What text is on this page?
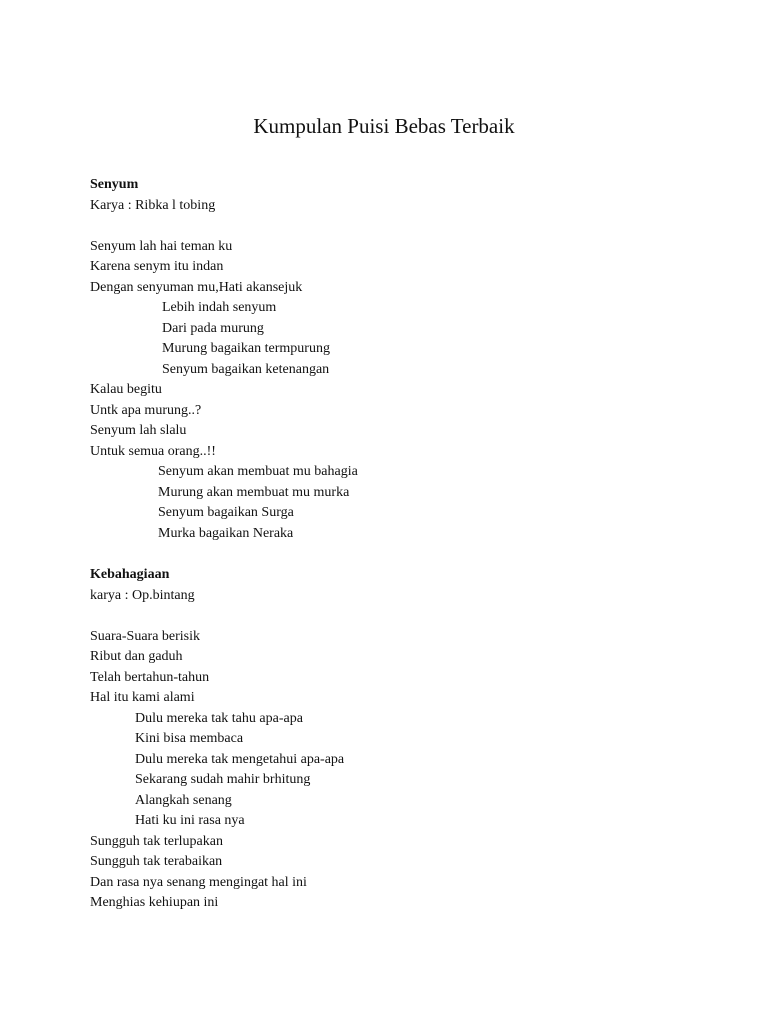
Kumpulan Puisi Bebas Terbaik
Senyum
Karya : Ribka l tobing
Senyum lah hai teman ku
Karena senym itu indan
Dengan senyuman mu,Hati akansejuk
Lebih indah senyum
Dari pada murung
Murung bagaikan termpurung
Senyum bagaikan ketenangan
Kalau begitu
Untk apa murung..?
Senyum lah slalu
Untuk semua orang..!!
Senyum akan membuat mu bahagia
Murung akan membuat mu murka
Senyum bagaikan Surga
Murka bagaikan Neraka
Kebahagiaan
karya : Op.bintang
Suara-Suara berisik
Ribut dan gaduh
Telah bertahun-tahun
Hal itu kami alami
Dulu mereka tak tahu apa-apa
Kini bisa membaca
Dulu mereka tak mengetahui apa-apa
Sekarang sudah mahir brhitung
Alangkah senang
Hati ku ini rasa nya
Sungguh tak terlupakan
Sungguh tak terabaikan
Dan rasa nya senang mengingat hal ini
Menghias kehiupan ini
